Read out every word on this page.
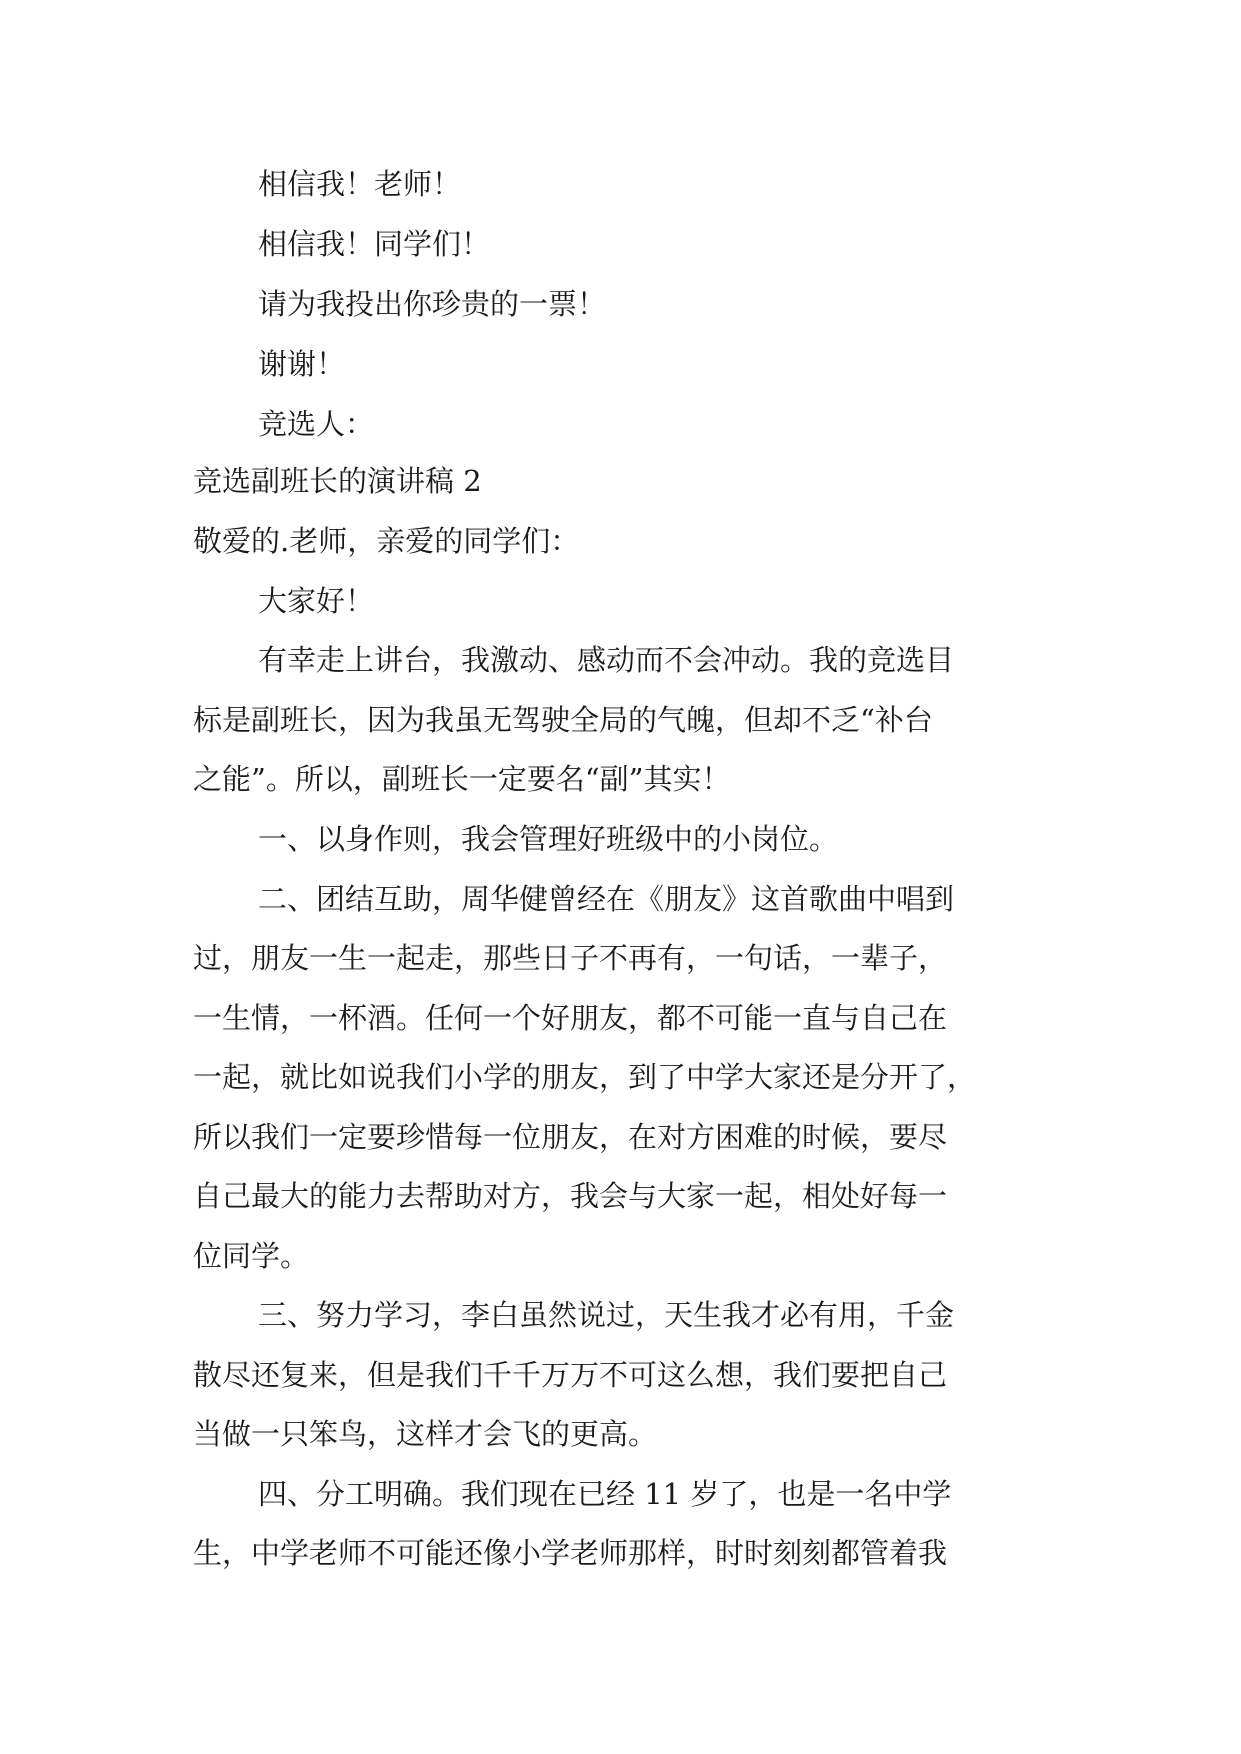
相信我！老师！

相信我！同学们！

请为我投出你珍贵的一票！

谢谢！

竞选人：

竞选副班长的演讲稿 2

敬爱的.老师，亲爱的同学们：

大家好！

有幸走上讲台，我激动、感动而不会冲动。我的竞选目

标是副班长，因为我虽无驾驶全局的气魄，但却不乏“补台

之能”。所以，副班长一定要名“副”其实！

一、以身作则，我会管理好班级中的小岗位。

二、团结互助，周华健曾经在《朋友》这首歌曲中唱到

过，朋友一生一起走，那些日子不再有，一句话，一辈子，

一生情，一杯酒。任何一个好朋友，都不可能一直与自己在

一起，就比如说我们小学的朋友，到了中学大家还是分开了，

所以我们一定要珍惜每一位朋友，在对方困难的时候，要尽

自己最大的能力去帮助对方，我会与大家一起，相处好每一

位同学。

三、努力学习，李白虽然说过，天生我才必有用，千金

散尽还复来，但是我们千千万万不可这么想，我们要把自己

当做一只笨鸟，这样才会飞的更高。

四、分工明确。我们现在已经 11 岁了，也是一名中学

生，中学老师不可能还像小学老师那样，时时刻刻都管着我
